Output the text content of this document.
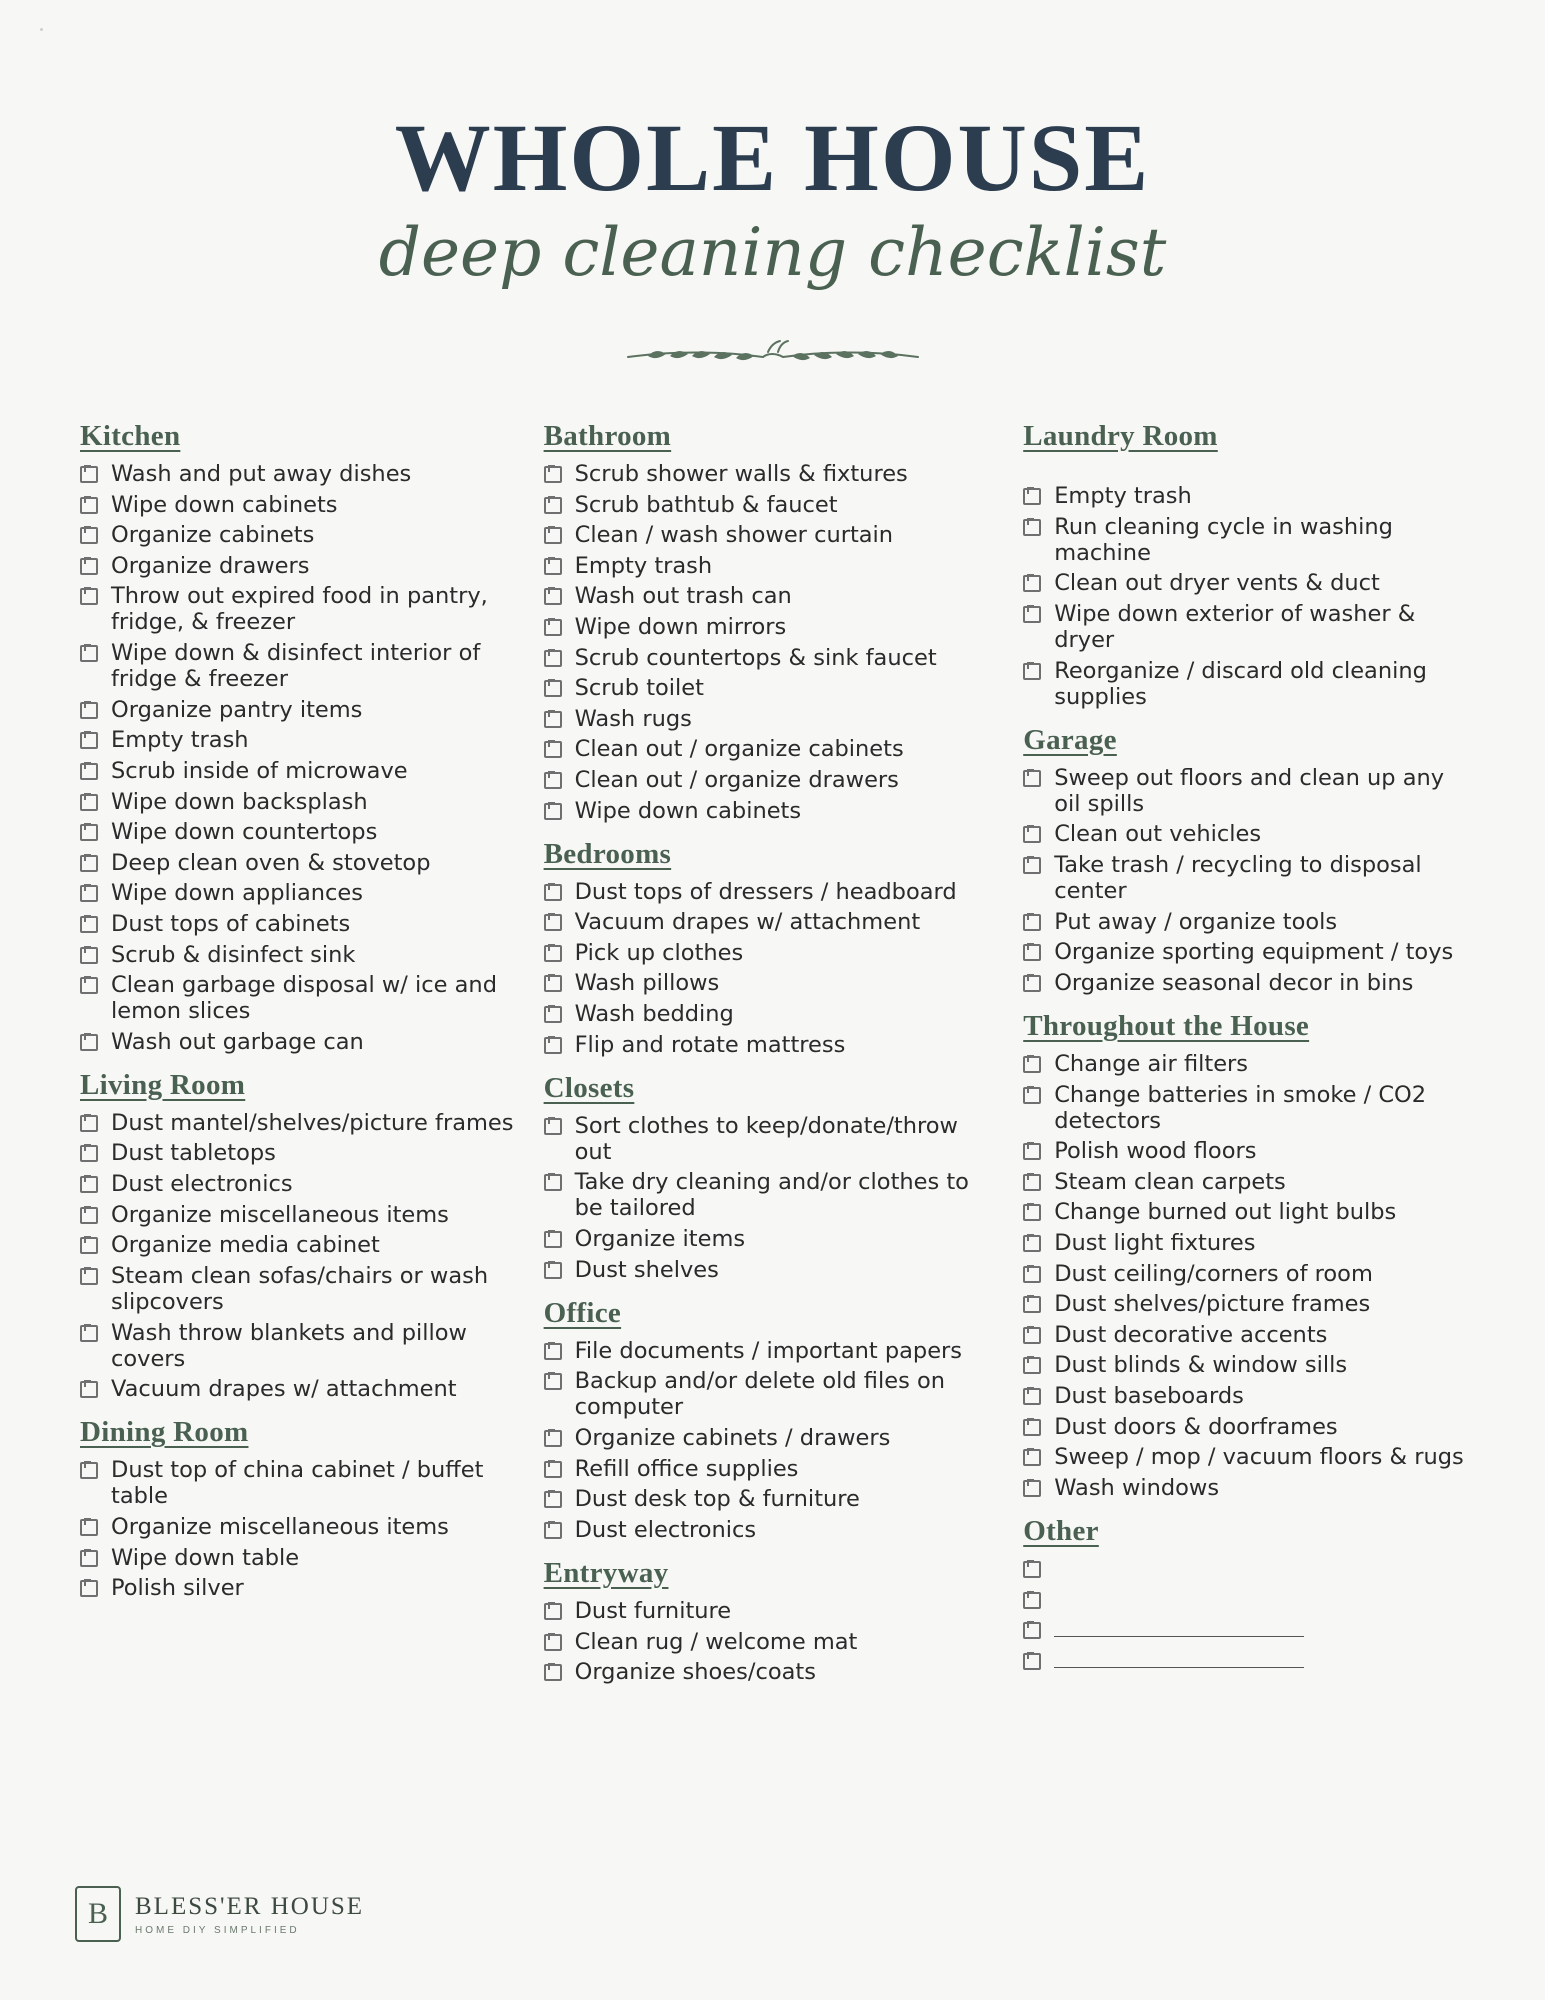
WHOLE HOUSE
deep cleaning checklist
Kitchen
Wash and put away dishes
Wipe down cabinets
Organize cabinets
Organize drawers
Throw out expired food in pantry, fridge, & freezer
Wipe down & disinfect interior of fridge & freezer
Organize pantry items
Empty trash
Scrub inside of microwave
Wipe down backsplash
Wipe down countertops
Deep clean oven & stovetop
Wipe down appliances
Dust tops of cabinets
Scrub & disinfect sink
Clean garbage disposal w/ ice and lemon slices
Wash out garbage can
Living Room
Dust mantel/shelves/picture frames
Dust tabletops
Dust electronics
Organize miscellaneous items
Organize media cabinet
Steam clean sofas/chairs or wash slipcovers
Wash throw blankets and pillow covers
Vacuum drapes w/ attachment
Dining Room
Dust top of china cabinet / buffet table
Organize miscellaneous items
Wipe down table
Polish silver
Bathroom
Scrub shower walls & fixtures
Scrub bathtub & faucet
Clean / wash shower curtain
Empty trash
Wash out trash can
Wipe down mirrors
Scrub countertops & sink faucet
Scrub toilet
Wash rugs
Clean out / organize cabinets
Clean out / organize drawers
Wipe down cabinets
Bedrooms
Dust tops of dressers / headboard
Vacuum drapes w/ attachment
Pick up clothes
Wash pillows
Wash bedding
Flip and rotate mattress
Closets
Sort clothes to keep/donate/throw out
Take dry cleaning and/or clothes to be tailored
Organize items
Dust shelves
Office
File documents / important papers
Backup and/or delete old files on computer
Organize cabinets / drawers
Refill office supplies
Dust desk top & furniture
Dust electronics
Entryway
Dust furniture
Clean rug / welcome mat
Organize shoes/coats
Laundry Room
Empty trash
Run cleaning cycle in washing machine
Clean out dryer vents & duct
Wipe down exterior of washer & dryer
Reorganize / discard old cleaning supplies
Garage
Sweep out floors and clean up any oil spills
Clean out vehicles
Take trash / recycling to disposal center
Put away / organize tools
Organize sporting equipment / toys
Organize seasonal decor in bins
Throughout the House
Change air filters
Change batteries in smoke / CO2 detectors
Polish wood floors
Steam clean carpets
Change burned out light bulbs
Dust light fixtures
Dust ceiling/corners of room
Dust shelves/picture frames
Dust decorative accents
Dust blinds & window sills
Dust baseboards
Dust doors & doorframes
Sweep / mop / vacuum floors & rugs
Wash windows
Other
B	BLESS'ER HOUSE
HOME DIY SIMPLIFIED
